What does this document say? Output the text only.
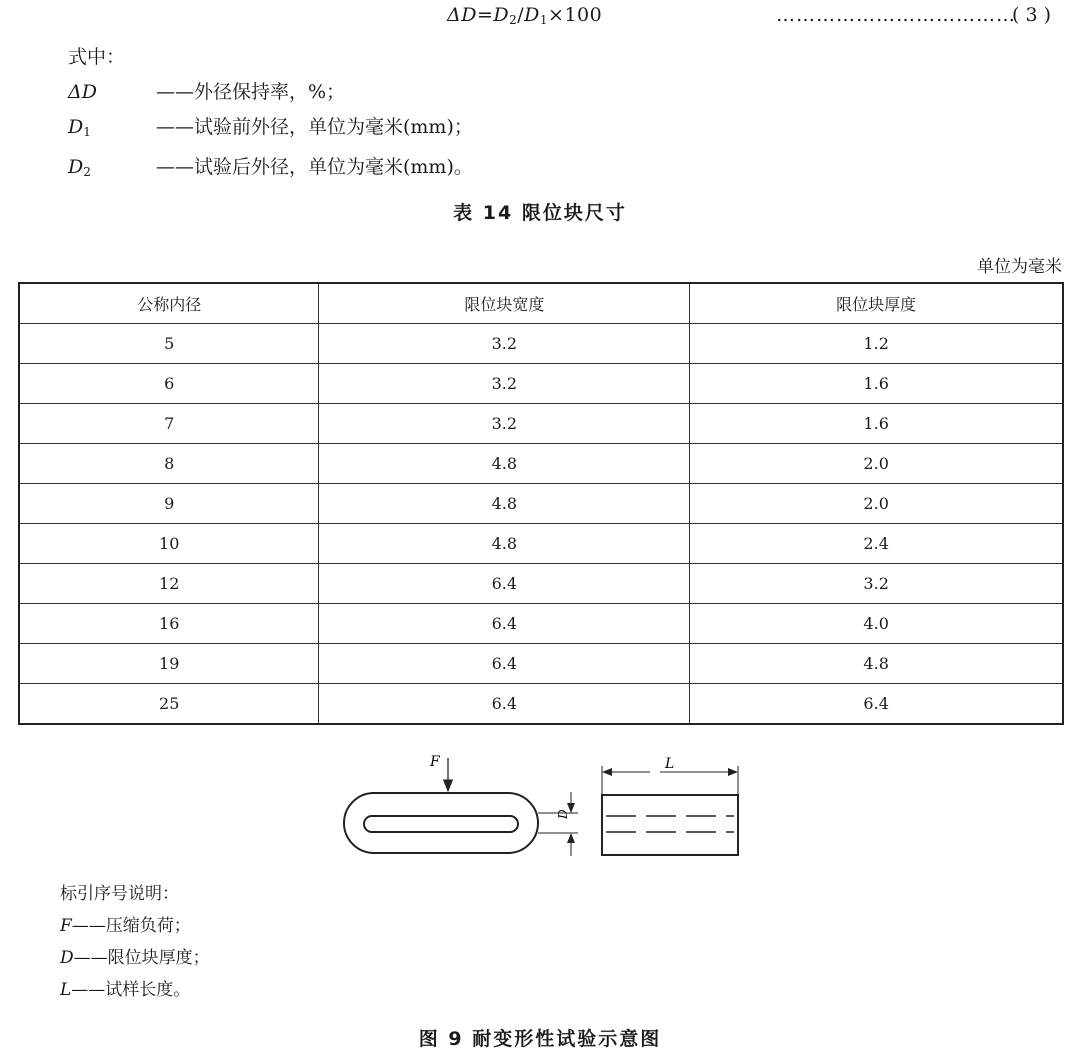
$\Delta D=D_2/D_1\times 100$	………………………………
( 3 )
式中：
ΔD	——外径保持率，%；
$D_1$	——试验前外径，单位为毫米(mm)；
$D_2$	——试验后外径，单位为毫米(mm)。
表 14 限位块尺寸
单位为毫米
公称内径	限位块宽度	限位块厚度
5	3.2	1.2
6	3.2	1.6
7	3.2	1.6
8	4.8	2.0
9	4.8	2.0
10	4.8	2.4
12	6.4	3.2
16	6.4	4.0
19	6.4	4.8
25	6.4	6.4
F
D
L
标引序号说明：
F——压缩负荷；
D——限位块厚度；
L——试样长度。
图 9 耐变形性试验示意图
